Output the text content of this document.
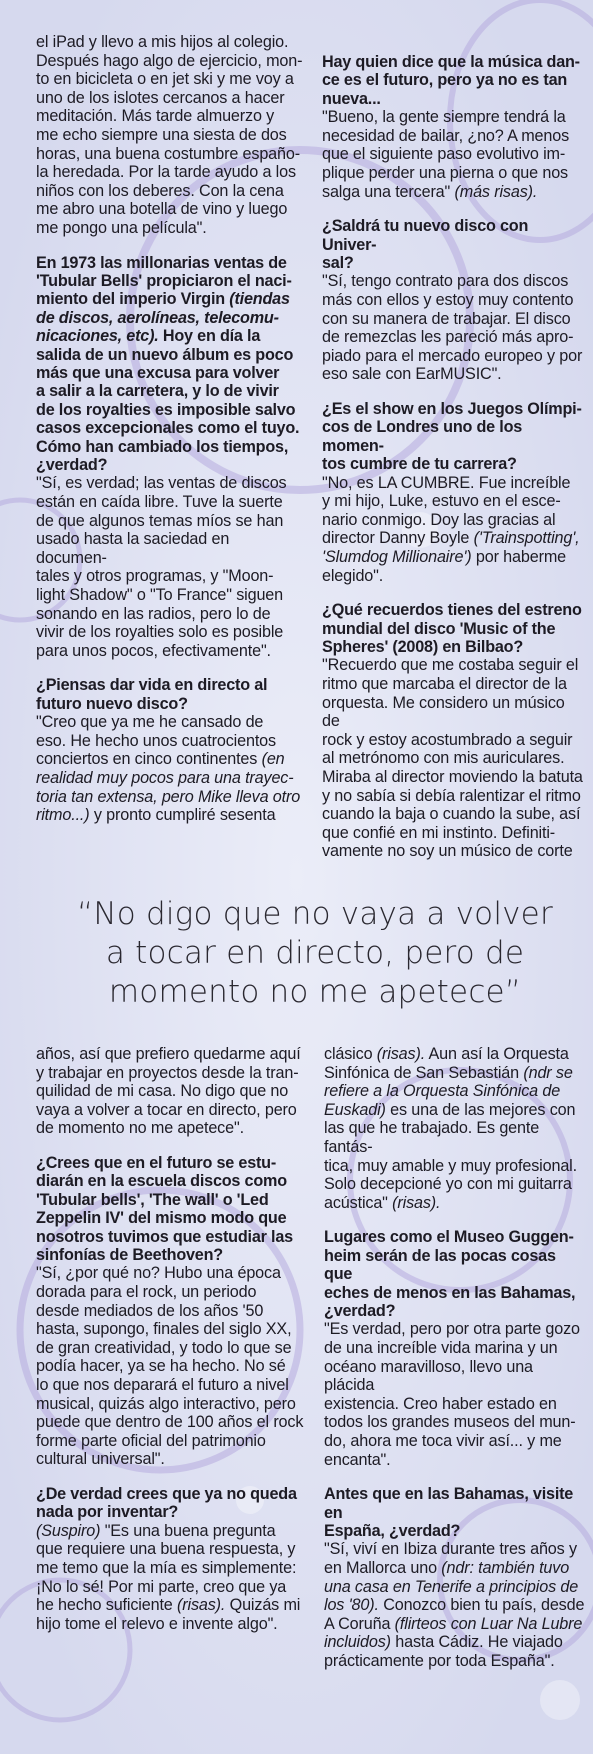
el iPad y llevo a mis hijos al colegio.
Después hago algo de ejercicio, mon-
to en bicicleta o en jet ski y me voy a
uno de los islotes cercanos a hacer
meditación. Más tarde almuerzo y
me echo siempre una siesta de dos
horas, una buena costumbre españo-
la heredada. Por la tarde ayudo a los
niños con los deberes. Con la cena
me abro una botella de vino y luego
me pongo una película".

En 1973 las millonarias ventas de
'Tubular Bells' propiciaron el naci-
miento del imperio Virgin (tiendas
de discos, aerolíneas, telecomu-
nicaciones, etc). Hoy en día la
salida de un nuevo álbum es poco
más que una excusa para volver
a salir a la carretera, y lo de vivir
de los royalties es imposible salvo
casos excepcionales como el tuyo.
Cómo han cambiado los tiempos,
¿verdad?

"Sí, es verdad; las ventas de discos
están en caída libre. Tuve la suerte
de que algunos temas míos se han
usado hasta la saciedad en documen-
tales y otros programas, y "Moon-
light Shadow" o "To France" siguen
sonando en las radios, pero lo de
vivir de los royalties solo es posible
para unos pocos, efectivamente".

¿Piensas dar vida en directo al
futuro nuevo disco?

"Creo que ya me he cansado de
eso. He hecho unos cuatrocientos
conciertos en cinco continentes (en
realidad muy pocos para una trayec-
toria tan extensa, pero Mike lleva otro
ritmo...) y pronto cumpliré sesenta

Hay quien dice que la música dan-
ce es el futuro, pero ya no es tan
nueva...

"Bueno, la gente siempre tendrá la
necesidad de bailar, ¿no? A menos
que el siguiente paso evolutivo im-
plique perder una pierna o que nos
salga una tercera" (más risas).

¿Saldrá tu nuevo disco con Univer-
sal?

"Sí, tengo contrato para dos discos
más con ellos y estoy muy contento
con su manera de trabajar. El disco
de remezclas les pareció más apro-
piado para el mercado europeo y por
eso sale con EarMUSIC".

¿Es el show en los Juegos Olímpi-
cos de Londres uno de los momen-
tos cumbre de tu carrera?

"No, es LA CUMBRE. Fue increíble
y mi hijo, Luke, estuvo en el esce-
nario conmigo. Doy las gracias al
director Danny Boyle ('Trainspotting',
'Slumdog Millionaire') por haberme
elegido".

¿Qué recuerdos tienes del estreno
mundial del disco 'Music of the
Spheres' (2008) en Bilbao?

"Recuerdo que me costaba seguir el
ritmo que marcaba el director de la
orquesta. Me considero un músico de
rock y estoy acostumbrado a seguir
al metrónomo con mis auriculares.
Miraba al director moviendo la batuta
y no sabía si debía ralentizar el ritmo
cuando la baja o cuando la sube, así
que confié en mi instinto. Definiti-
vamente no soy un músico de corte

“No digo que no vaya a volver
a tocar en directo, pero de
momento no me apetece”

años, así que prefiero quedarme aquí
y trabajar en proyectos desde la tran-
quilidad de mi casa. No digo que no
vaya a volver a tocar en directo, pero
de momento no me apetece".

¿Crees que en el futuro se estu-
diarán en la escuela discos como
'Tubular bells', 'The wall' o 'Led
Zeppelin IV' del mismo modo que
nosotros tuvimos que estudiar las
sinfonías de Beethoven?

"Sí, ¿por qué no? Hubo una época
dorada para el rock, un periodo
desde mediados de los años '50
hasta, supongo, finales del siglo XX,
de gran creatividad, y todo lo que se
podía hacer, ya se ha hecho. No sé
lo que nos deparará el futuro a nivel
musical, quizás algo interactivo, pero
puede que dentro de 100 años el rock
forme parte oficial del patrimonio
cultural universal".

¿De verdad crees que ya no queda
nada por inventar?

(Suspiro) "Es una buena pregunta
que requiere una buena respuesta, y
me temo que la mía es simplemente:
¡No lo sé! Por mi parte, creo que ya
he hecho suficiente (risas). Quizás mi
hijo tome el relevo e invente algo".

clásico (risas). Aun así la Orquesta
Sinfónica de San Sebastián (ndr se
refiere a la Orquesta Sinfónica de
Euskadi) es una de las mejores con
las que he trabajado. Es gente fantás-
tica, muy amable y muy profesional.
Solo decepcioné yo con mi guitarra
acústica" (risas).

Lugares como el Museo Guggen-
heim serán de las pocas cosas que
eches de menos en las Bahamas,
¿verdad?

"Es verdad, pero por otra parte gozo
de una increíble vida marina y un
océano maravilloso, llevo una plácida
existencia. Creo haber estado en
todos los grandes museos del mun-
do, ahora me toca vivir así... y me
encanta".

Antes que en las Bahamas, visite en
España, ¿verdad?

"Sí, viví en Ibiza durante tres años y
en Mallorca uno (ndr: también tuvo
una casa en Tenerife a principios de
los '80). Conozco bien tu país, desde
A Coruña (flirteos con Luar Na Lubre
incluidos) hasta Cádiz. He viajado
prácticamente por toda España".
